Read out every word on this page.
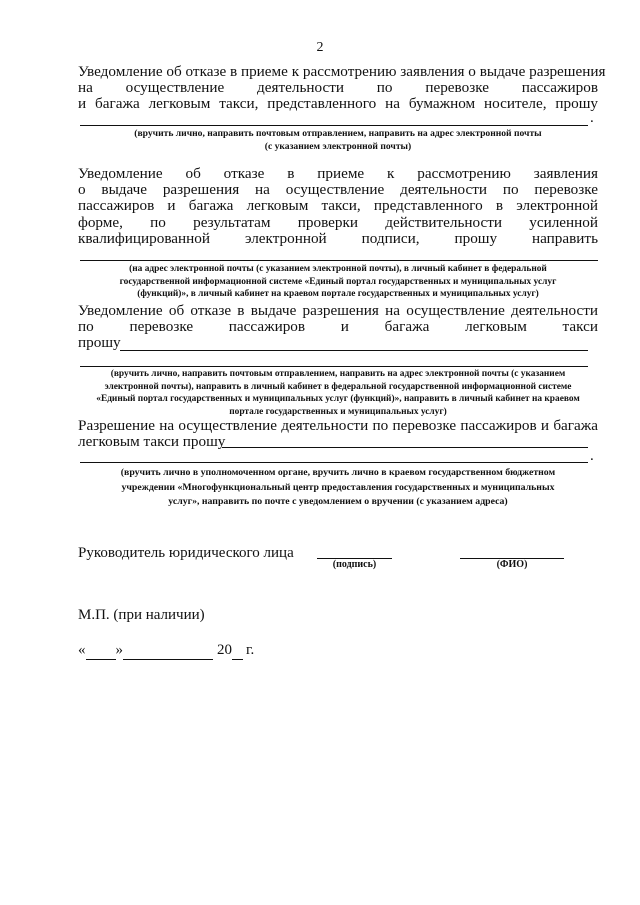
2
Уведомление об отказе в приеме к рассмотрению заявления о выдаче разрешения
на осуществление деятельности по перевозке пассажиров
и багажа легковым такси, представленного на бумажном носителе, прошу
.
(вручить лично, направить почтовым отправлением, направить на адрес электронной почты
(с указанием электронной почты)
Уведомление об отказе в приеме к рассмотрению заявления
о выдаче разрешения на осуществление деятельности по перевозке
пассажиров и багажа легковым такси, представленного в электронной
форме, по результатам проверки действительности усиленной
квалифицированной электронной подписи, прошу направить
(на адрес электронной почты (с указанием электронной почты), в личный кабинет в федеральной
государственной информационной системе «Единый портал государственных и муниципальных услуг
(функций)», в личный кабинет на краевом портале государственных и муниципальных услуг)
Уведомление об отказе в выдаче разрешения на осуществление деятельности
по перевозке пассажиров и багажа легковым такси
прошу
(вручить лично, направить почтовым отправлением, направить на адрес электронной почты (с указанием
электронной почты), направить в личный кабинет в федеральной государственной информационной системе
«Единый портал государственных и муниципальных услуг (функций)», направить в личный кабинет на краевом
портале государственных и муниципальных услуг)
Разрешение на осуществление деятельности по перевозке пассажиров и багажа
легковым такси прошу
.
(вручить лично в уполномоченном органе, вручить лично в краевом государственном бюджетном
учреждении «Многофункциональный центр предоставления государственных и муниципальных
услуг», направить по почте с уведомлением о вручении (с указанием адреса)
Руководитель юридического лица
(подпись)	(ФИО)
М.П. (при наличии)
« »	20 г.
